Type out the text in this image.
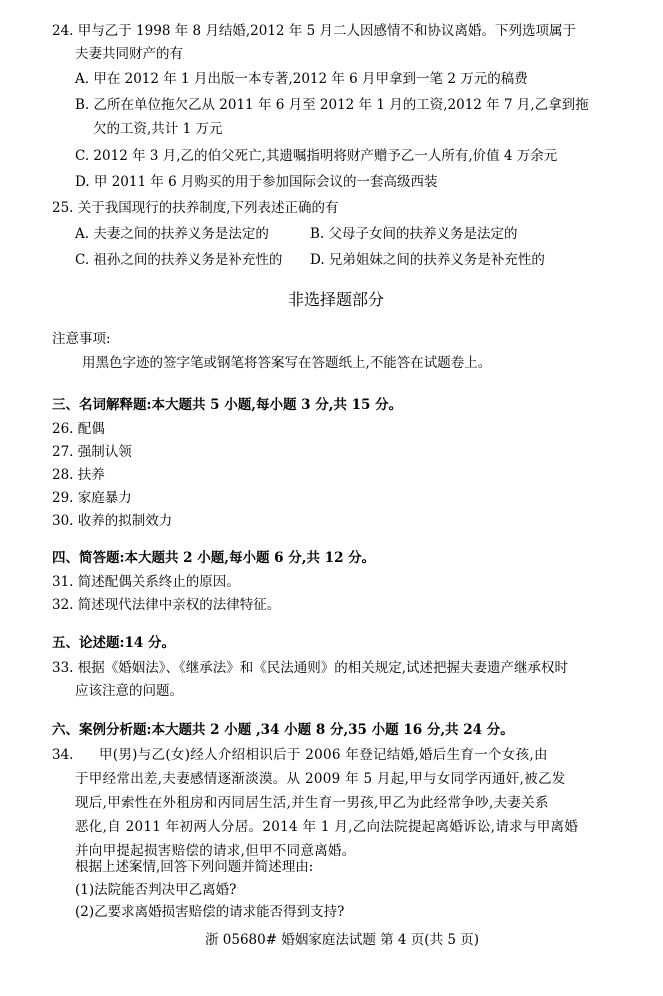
24. 甲与乙于 1998 年 8 月结婚,2012 年 5 月二人因感情不和协议离婚。下列选项属于
夫妻共同财产的有
A. 甲在 2012 年 1 月出版一本专著,2012 年 6 月甲拿到一笔 2 万元的稿费
B. 乙所在单位拖欠乙从 2011 年 6 月至 2012 年 1 月的工资,2012 年 7 月,乙拿到拖
欠的工资,共计 1 万元
C. 2012 年 3 月,乙的伯父死亡,其遗嘱指明将财产赠予乙一人所有,价值 4 万余元
D. 甲 2011 年 6 月购买的用于参加国际会议的一套高级西装
25. 关于我国现行的扶养制度,下列表述正确的有
A. 夫妻之间的扶养义务是法定的	B. 父母子女间的扶养义务是法定的
C. 祖孙之间的扶养义务是补充性的 D. 兄弟姐妹之间的扶养义务是补充性的
非选择题部分
注意事项:
用黑色字迹的签字笔或钢笔将答案写在答题纸上,不能答在试题卷上。
三、名词解释题:本大题共 5 小题,每小题 3 分,共 15 分。
26. 配偶
27. 强制认领
28. 扶养
29. 家庭暴力
30. 收养的拟制效力
四、简答题:本大题共 2 小题,每小题 6 分,共 12 分。
31. 简述配偶关系终止的原因。
32. 简述现代法律中亲权的法律特征。
五、论述题:14 分。
33. 根据《婚姻法》、《继承法》和《民法通则》的相关规定,试述把握夫妻遗产继承权时
应该注意的问题。
六、案例分析题:本大题共 2 小题 ,34 小题 8 分,35 小题 16 分,共 24 分。
34. 甲(男)与乙(女)经人介绍相识后于 2006 年登记结婚,婚后生育一个女孩,由
于甲经常出差,夫妻感情逐渐淡漠。从 2009 年 5 月起,甲与女同学丙通奸,被乙发
现后,甲索性在外租房和丙同居生活,并生育一男孩,甲乙为此经常争吵,夫妻关系
恶化,自 2011 年初两人分居。2014 年 1 月,乙向法院提起离婚诉讼,请求与甲离婚
并向甲提起损害赔偿的请求,但甲不同意离婚。
根据上述案情,回答下列问题并简述理由:
(1)法院能否判决甲乙离婚?
(2)乙要求离婚损害赔偿的请求能否得到支持?
浙 05680# 婚姻家庭法试题 第 4 页(共 5 页)
